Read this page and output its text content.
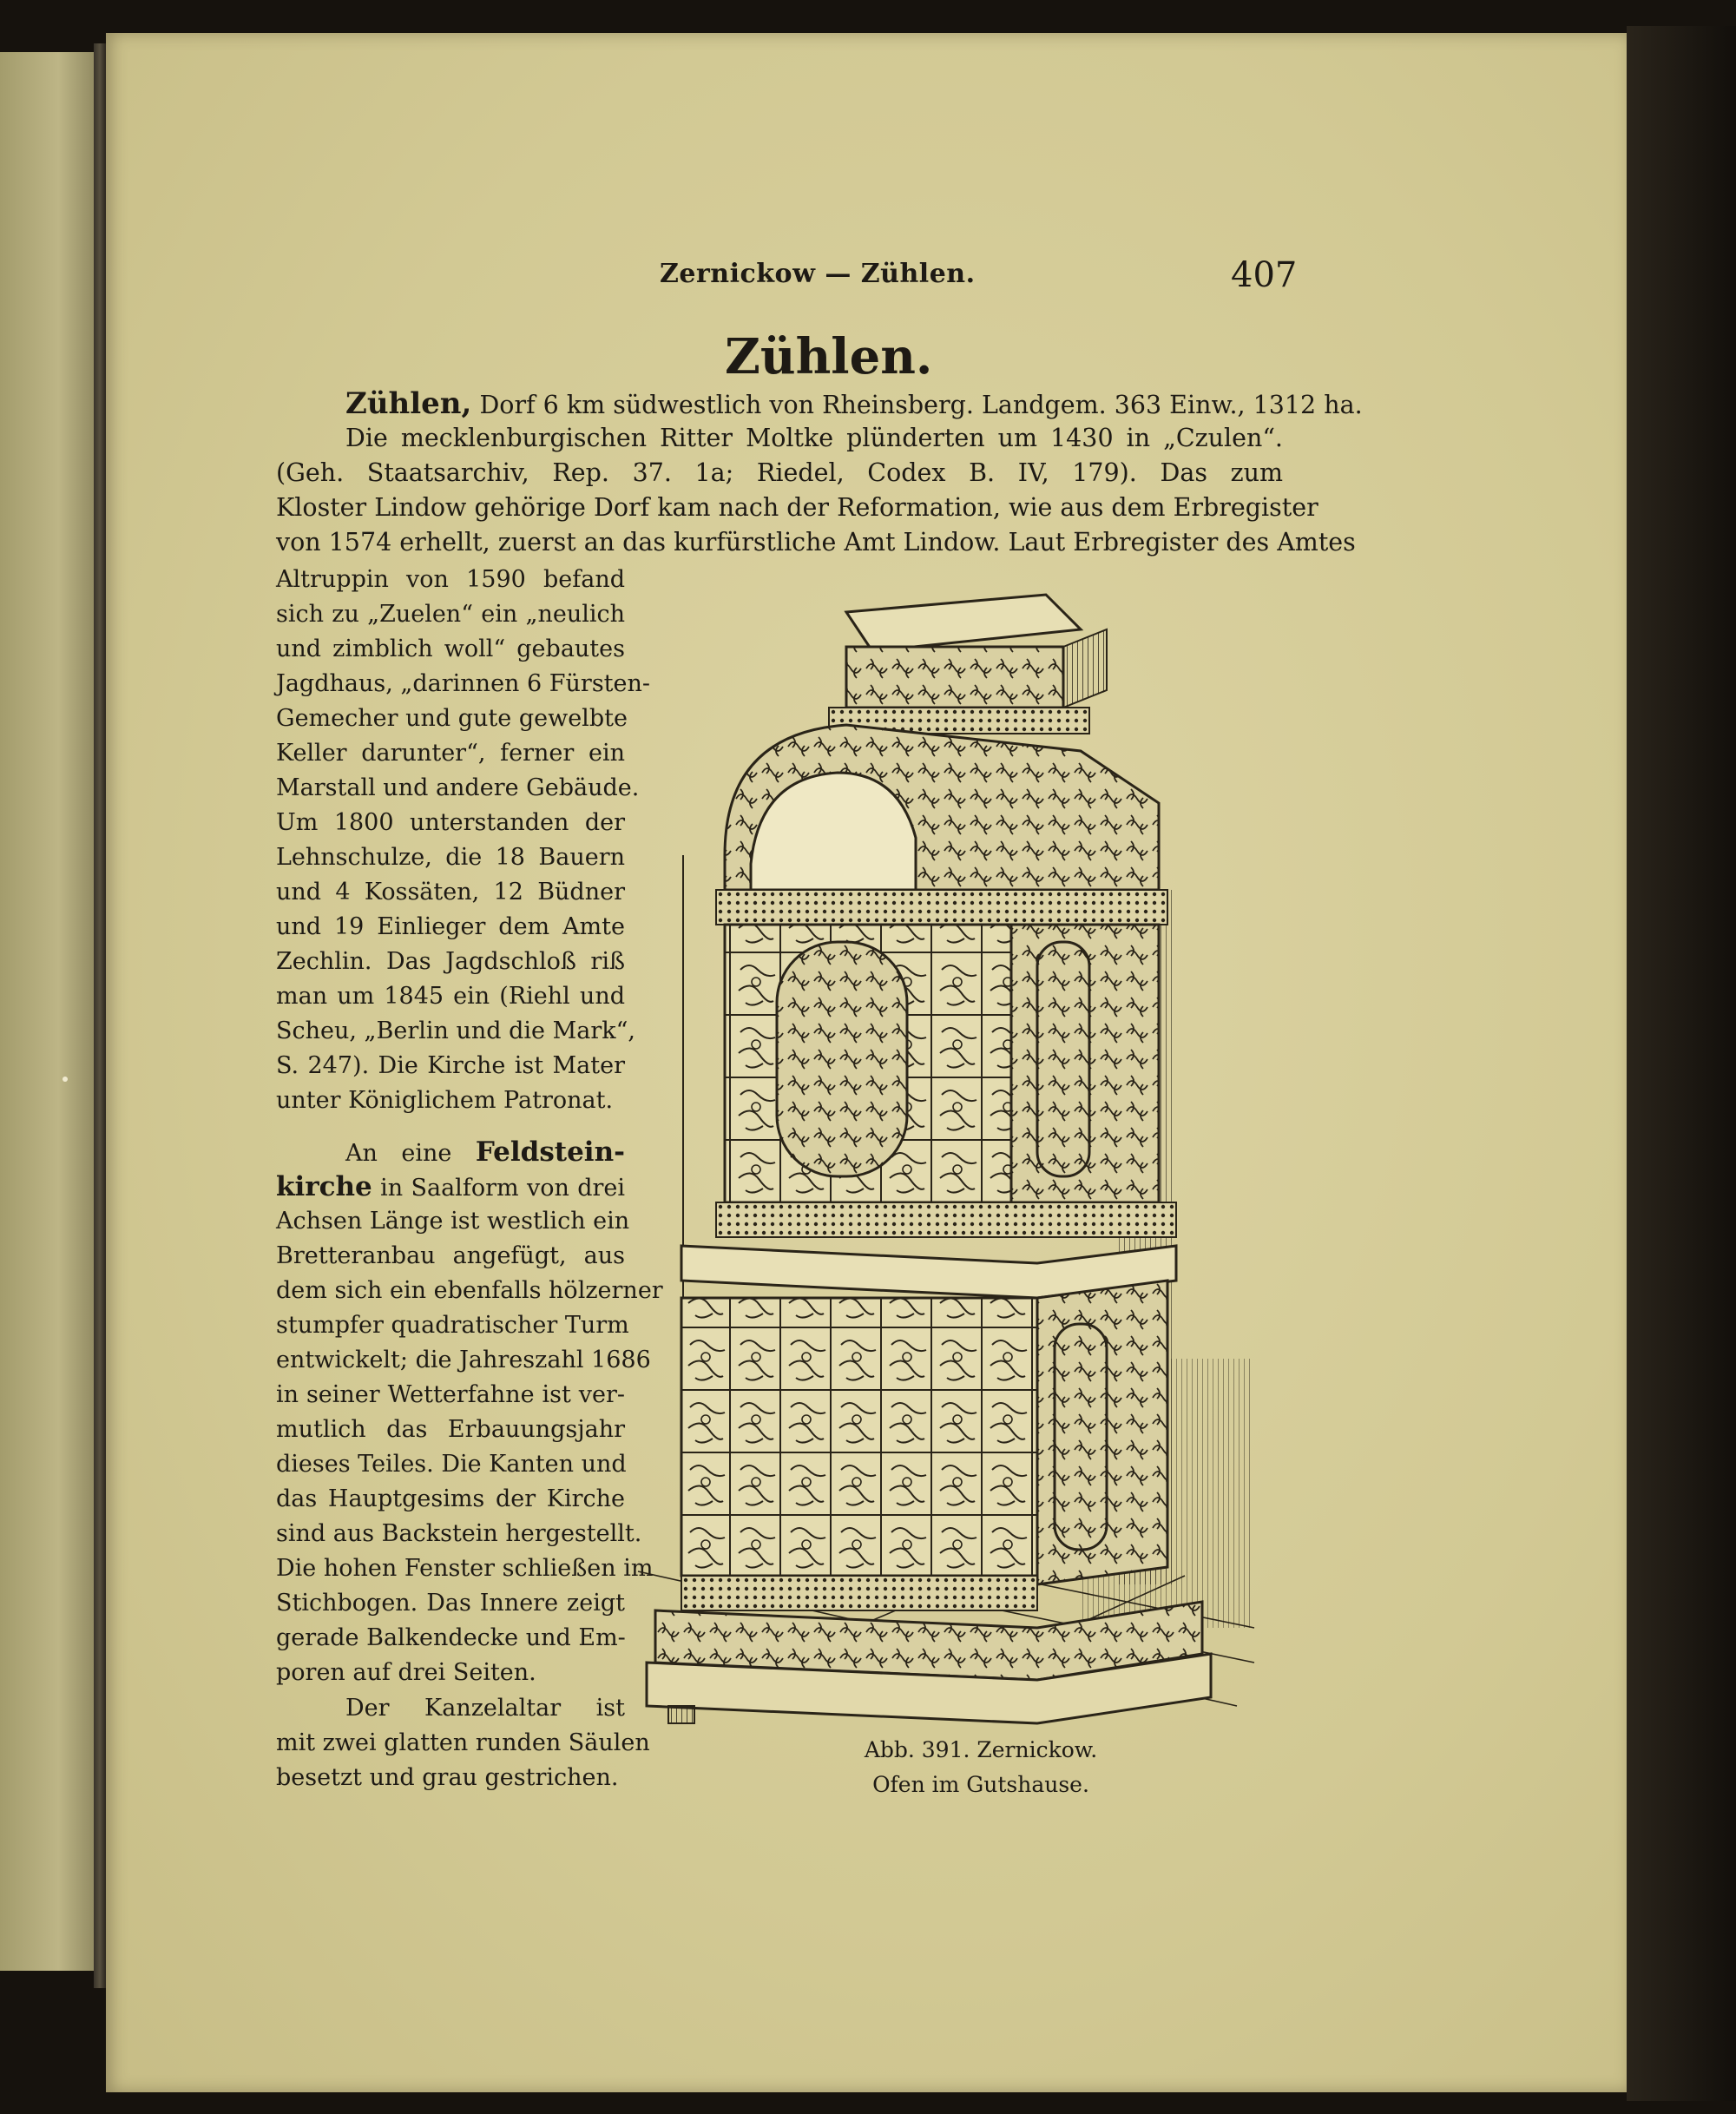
Zernickow — Zühlen.	407
Zühlen.
Zühlen, Dorf 6 km südwestlich von Rheinsberg. Landgem. 363 Einw., 1312 ha.
Die mecklenburgischen Ritter Moltke plünderten um 1430 in „Czulen“.
(Geh. Staatsarchiv, Rep. 37. 1a; Riedel, Codex B. IV, 179). Das zum
Kloster Lindow gehörige Dorf kam nach der Reformation, wie aus dem Erbregister
von 1574 erhellt, zuerst an das kurfürstliche Amt Lindow. Laut Erbregister des Amtes
Altruppin von 1590 befand
sich zu „Zuelen“ ein „neulich
und zimblich woll“ gebautes
Jagdhaus, „darinnen 6 Fürsten-
Gemecher und gute gewelbte
Keller darunter“, ferner ein
Marstall und andere Gebäude.
Um 1800 unterstanden der
Lehnschulze, die 18 Bauern
und 4 Kossäten, 12 Büdner
und 19 Einlieger dem Amte
Zechlin. Das Jagdschloß riß
man um 1845 ein (Riehl und
Scheu, „Berlin und die Mark“,
S. 247). Die Kirche ist Mater
unter Königlichem Patronat.
An eine Feldstein-
kirche in Saalform von drei
Achsen Länge ist westlich ein
Bretteranbau angefügt, aus
dem sich ein ebenfalls hölzerner
stumpfer quadratischer Turm
entwickelt; die Jahreszahl 1686
in seiner Wetterfahne ist ver-
mutlich das Erbauungsjahr
dieses Teiles. Die Kanten und
das Hauptgesims der Kirche
sind aus Backstein hergestellt.
Die hohen Fenster schließen im
Stichbogen. Das Innere zeigt
gerade Balkendecke und Em-
poren auf drei Seiten.
Der Kanzelaltar ist
mit zwei glatten runden Säulen
besetzt und grau gestrichen.
Abb. 391. Zernickow.
Ofen im Gutshause.
